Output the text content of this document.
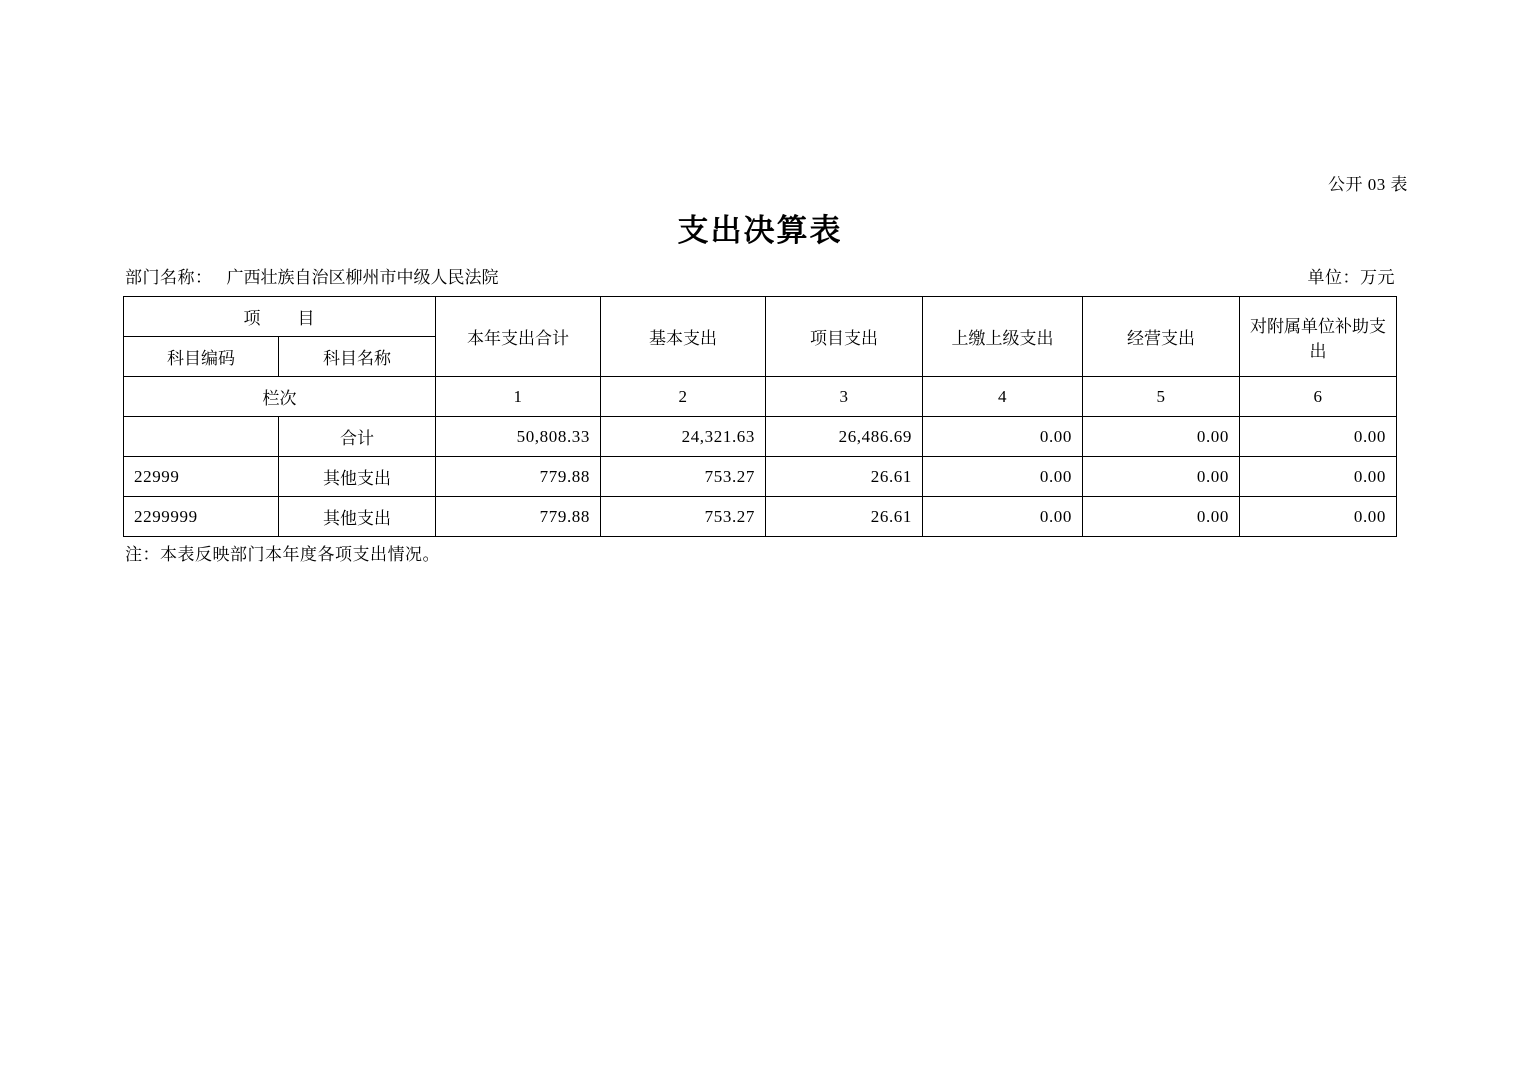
公开 03 表
支出决算表
部门名称： 广西壮族自治区柳州市中级人民法院	单位：万元
项　　目		本年支出合计	基本支出	项目支出	上缴上级支出	经营支出	对附属单位补助支出
科目编码	科目名称						
栏次		1	2	3	4	5	6
	合计	50,808.33	24,321.63	26,486.69	0.00	0.00	0.00
22999	其他支出	779.88	753.27	26.61	0.00	0.00	0.00
2299999	其他支出	779.88	753.27	26.61	0.00	0.00	0.00
注：本表反映部门本年度各项支出情况。
